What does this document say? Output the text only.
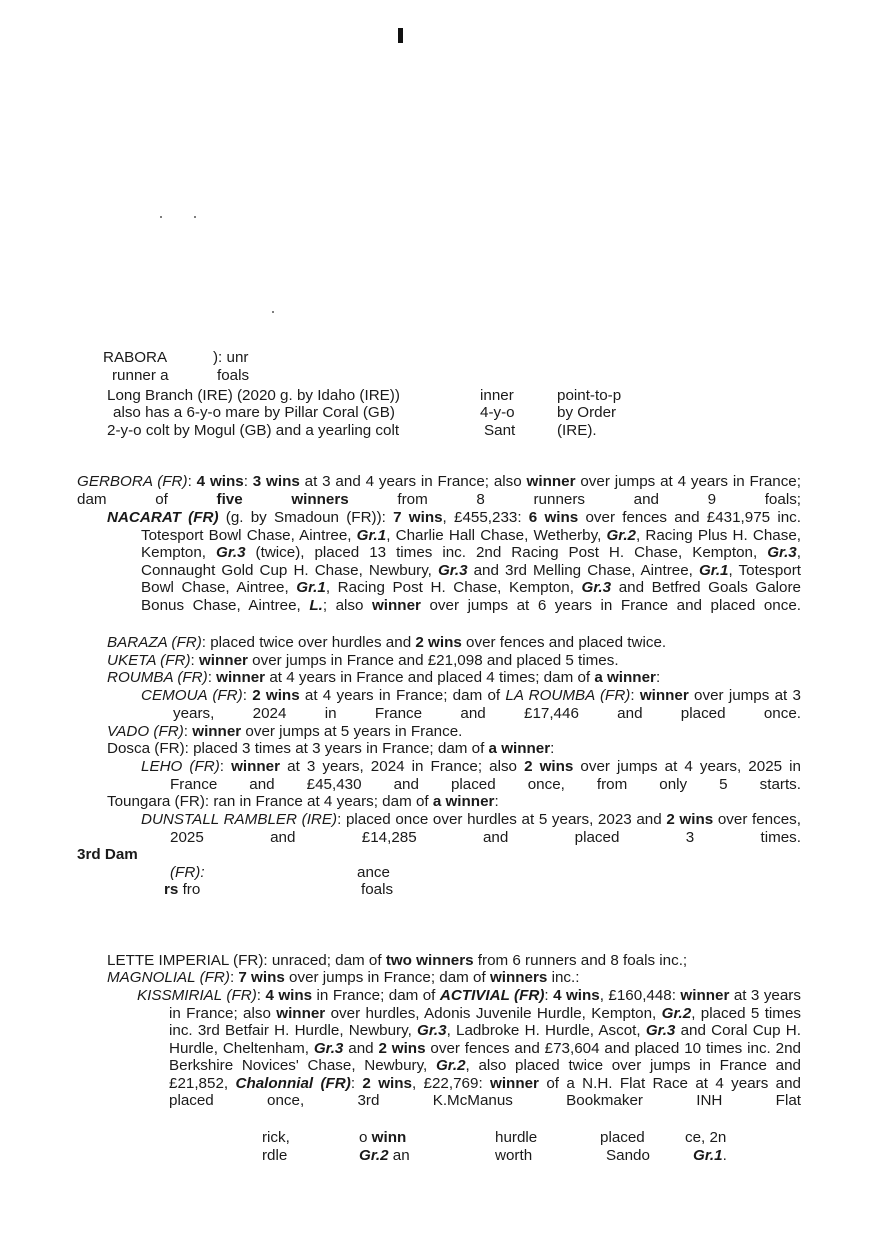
RABORA	): unr
runner a	foals
Long Branch (IRE) (2020 g. by Idaho (IRE))	inner	point-to-p
also has a 6-y-o mare by Pillar Coral (GB)	4-y-o	by Order
2-y-o colt by Mogul (GB) and a yearling colt	Sant	(IRE).
GERBORA (FR): 4 wins: 3 wins at 3 and 4 years in France; also winner over jumps at 4 years in France; dam of five winners from 8 runners and 9 foals;
NACARAT (FR) (g. by Smadoun (FR)): 7 wins, £455,233: 6 wins over fences and £431,975 inc. Totesport Bowl Chase, Aintree, Gr.1, Charlie Hall Chase, Wetherby, Gr.2, Racing Plus H. Chase, Kempton, Gr.3 (twice), placed 13 times inc. 2nd Racing Post H. Chase, Kempton, Gr.3, Connaught Gold Cup H. Chase, Newbury, Gr.3 and 3rd Melling Chase, Aintree, Gr.1, Totesport Bowl Chase, Aintree, Gr.1, Racing Post H. Chase, Kempton, Gr.3 and Betfred Goals Galore Bonus Chase, Aintree, L.; also winner over jumps at 6 years in France and placed once.
BARAZA (FR): placed twice over hurdles and 2 wins over fences and placed twice.
UKETA (FR): winner over jumps in France and £21,098 and placed 5 times.
ROUMBA (FR): winner at 4 years in France and placed 4 times; dam of a winner:
CEMOUA (FR): 2 wins at 4 years in France; dam of LA ROUMBA (FR): winner over jumps at 3 years, 2024 in France and £17,446 and placed once.
VADO (FR): winner over jumps at 5 years in France.
Dosca (FR): placed 3 times at 3 years in France; dam of a winner:
LEHO (FR): winner at 3 years, 2024 in France; also 2 wins over jumps at 4 years, 2025 in France and £45,430 and placed once, from only 5 starts.
Toungara (FR): ran in France at 4 years; dam of a winner:
DUNSTALL RAMBLER (IRE): placed once over hurdles at 5 years, 2023 and 2 wins over fences, 2025 and £14,285 and placed 3 times.
3rd Dam
(FR):	ance
rs fro	foals
LETTE IMPERIAL (FR): unraced; dam of two winners from 6 runners and 8 foals inc.;
MAGNOLIAL (FR): 7 wins over jumps in France; dam of winners inc.:
KISSMIRIAL (FR): 4 wins in France; dam of ACTIVIAL (FR): 4 wins, £160,448: winner at 3 years in France; also winner over hurdles, Adonis Juvenile Hurdle, Kempton, Gr.2, placed 5 times inc. 3rd Betfair H. Hurdle, Newbury, Gr.3, Ladbroke H. Hurdle, Ascot, Gr.3 and Coral Cup H. Hurdle, Cheltenham, Gr.3 and 2 wins over fences and £73,604 and placed 10 times inc. 2nd Berkshire Novices' Chase, Newbury, Gr.2, also placed twice over jumps in France and £21,852, Chalonnial (FR): 2 wins, £22,769: winner of a N.H. Flat Race at 4 years and placed once, 3rd K.McManus Bookmaker INH Flat
rick,	o winn	hurdle	placed	ce, 2n
rdle	Gr.2 an	worth	Sando	Gr.1.
